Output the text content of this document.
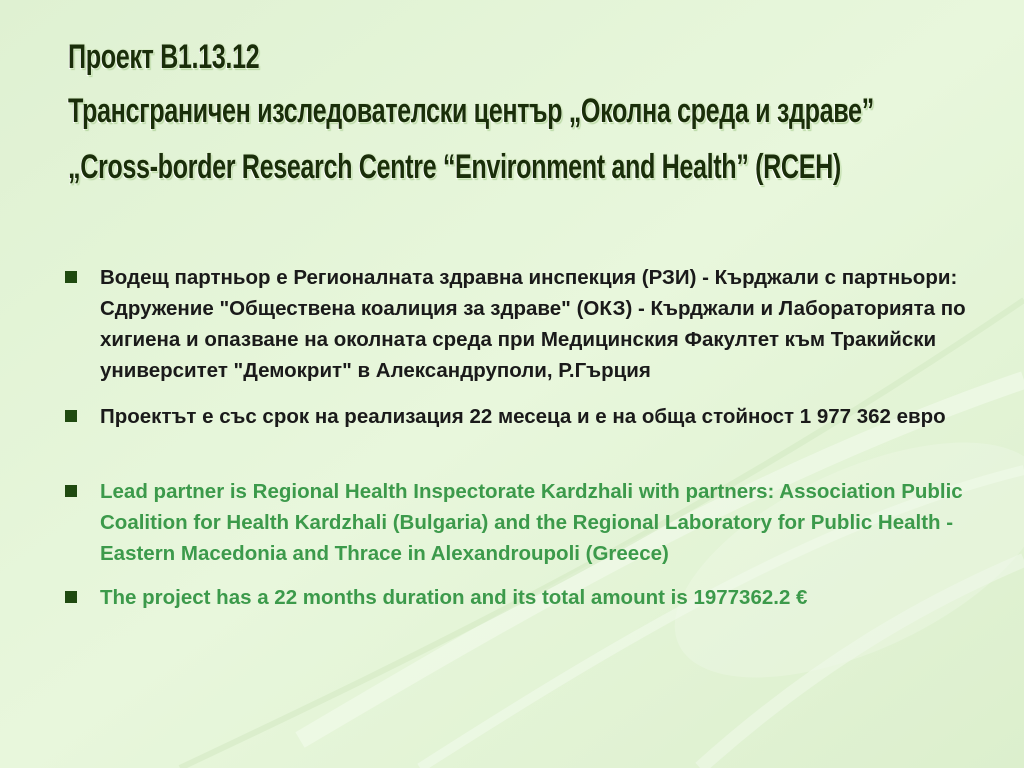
Проект B1.13.12
Трансграничен изследователски център „Околна среда и здраве”
„Cross-border Research Centre “Environment and Health” (RCEH)
Водещ партньор е Регионалната здравна инспекция (РЗИ) - Кърджали с партньори: Сдружение "Обществена коалиция за здраве" (ОКЗ) - Кърджали и Лабораторията по хигиена и опазване на околната среда при Медицинския Факултет към Тракийски университет "Демокрит" в Александруполи, Р.Гърция
Проектът е със срок на реализация 22 месеца и е на обща стойност 1 977 362 евро
Lead partner is Regional Health Inspectorate Kardzhali with partners: Association Public Coalition for Health Kardzhali (Bulgaria) and the Regional Laboratory for Public Health - Eastern Macedonia and Thrace in Alexandroupoli (Greece)
The project has a 22 months duration and its total amount is 1977362.2 €
